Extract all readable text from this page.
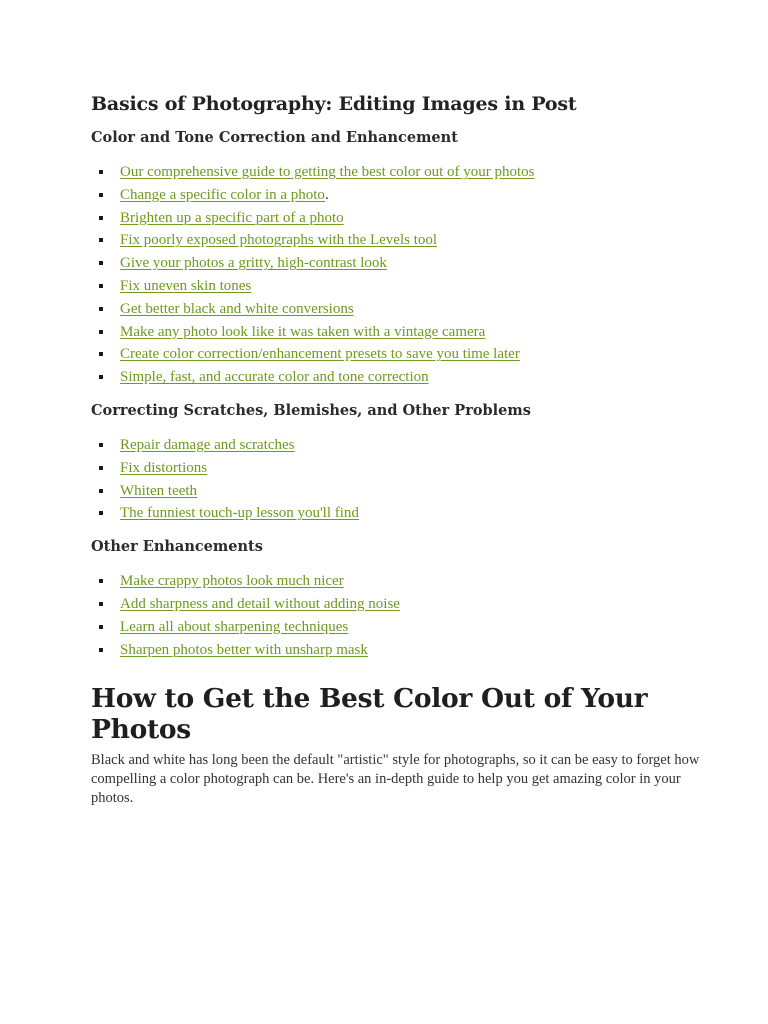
Basics of Photography: Editing Images in Post
Color and Tone Correction and Enhancement
Our comprehensive guide to getting the best color out of your photos
Change a specific color in a photo.
Brighten up a specific part of a photo
Fix poorly exposed photographs with the Levels tool
Give your photos a gritty, high-contrast look
Fix uneven skin tones
Get better black and white conversions
Make any photo look like it was taken with a vintage camera
Create color correction/enhancement presets to save you time later
Simple, fast, and accurate color and tone correction
Correcting Scratches, Blemishes, and Other Problems
Repair damage and scratches
Fix distortions
Whiten teeth
The funniest touch-up lesson you'll find
Other Enhancements
Make crappy photos look much nicer
Add sharpness and detail without adding noise
Learn all about sharpening techniques
Sharpen photos better with unsharp mask
How to Get the Best Color Out of Your Photos

Black and white has long been the default "artistic" style for photographs, so it can be easy to forget how compelling a color photograph can be. Here's an in-depth guide to help you get amazing color in your photos.
